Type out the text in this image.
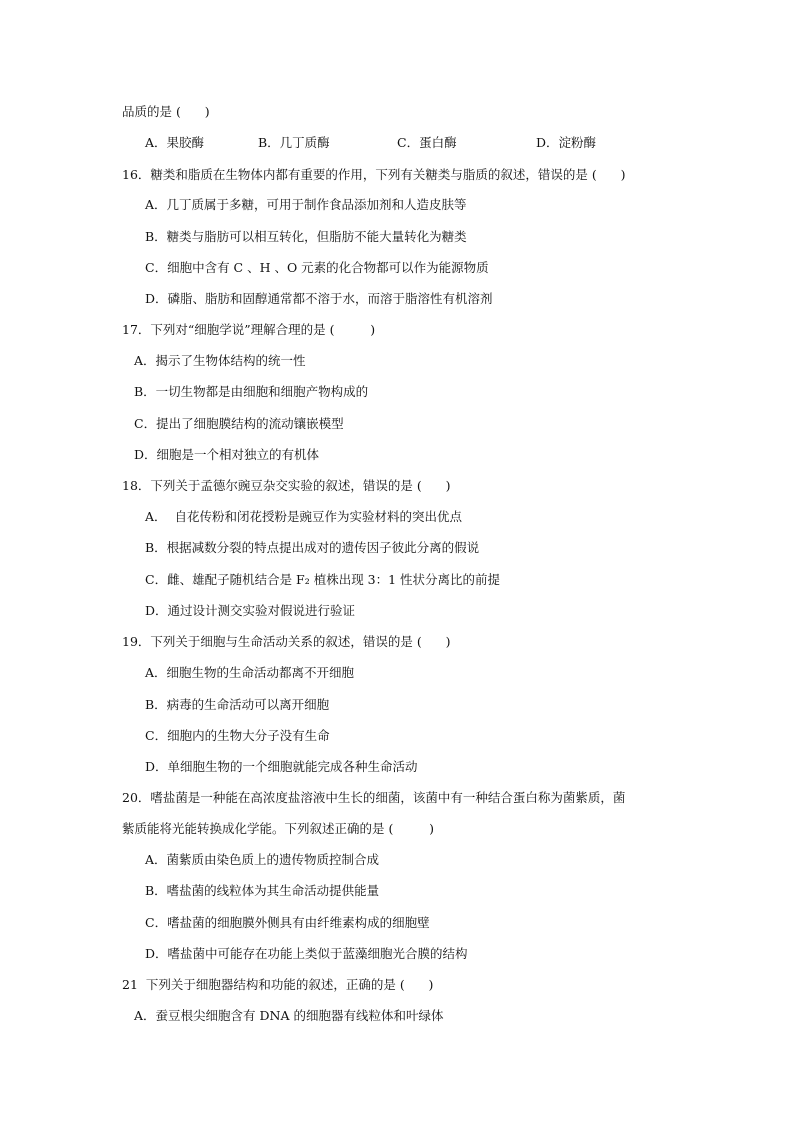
品质的是 (      )
A．果胶酶	B．几丁质酶	C．蛋白酶	D．淀粉酶
16．糖类和脂质在生物体内都有重要的作用，下列有关糖类与脂质的叙述，错误的是 (      )
A．几丁质属于多糖，可用于制作食品添加剂和人造皮肤等
B．糖类与脂肪可以相互转化，但脂肪不能大量转化为糖类
C．细胞中含有 C 、H 、O 元素的化合物都可以作为能源物质
D．磷脂、脂肪和固醇通常都不溶于水，而溶于脂溶性有机溶剂
17．下列对“细胞学说”理解合理的是 (         )
A．揭示了生物体结构的统一性
B．一切生物都是由细胞和细胞产物构成的
C．提出了细胞膜结构的流动镶嵌模型
D．细胞是一个相对独立的有机体
18．下列关于孟德尔豌豆杂交实验的叙述，错误的是 (      )
A．  自花传粉和闭花授粉是豌豆作为实验材料的突出优点
B．根据减数分裂的特点提出成对的遗传因子彼此分离的假说
C．雌、雄配子随机结合是 F₂ 植株出现 3：1 性状分离比的前提
D．通过设计测交实验对假说进行验证
19．下列关于细胞与生命活动关系的叙述，错误的是 (      )
A．细胞生物的生命活动都离不开细胞
B．病毒的生命活动可以离开细胞
C．细胞内的生物大分子没有生命
D．单细胞生物的一个细胞就能完成各种生命活动
20．嗜盐菌是一种能在高浓度盐溶液中生长的细菌，该菌中有一种结合蛋白称为菌紫质，菌
紫质能将光能转换成化学能。下列叙述正确的是 (         )
A．菌紫质由染色质上的遗传物质控制合成
B．嗜盐菌的线粒体为其生命活动提供能量
C．嗜盐菌的细胞膜外侧具有由纤维素构成的细胞壁
D．嗜盐菌中可能存在功能上类似于蓝藻细胞光合膜的结构
21  下列关于细胞器结构和功能的叙述，正确的是 (      )
A．蚕豆根尖细胞含有 DNA 的细胞器有线粒体和叶绿体
